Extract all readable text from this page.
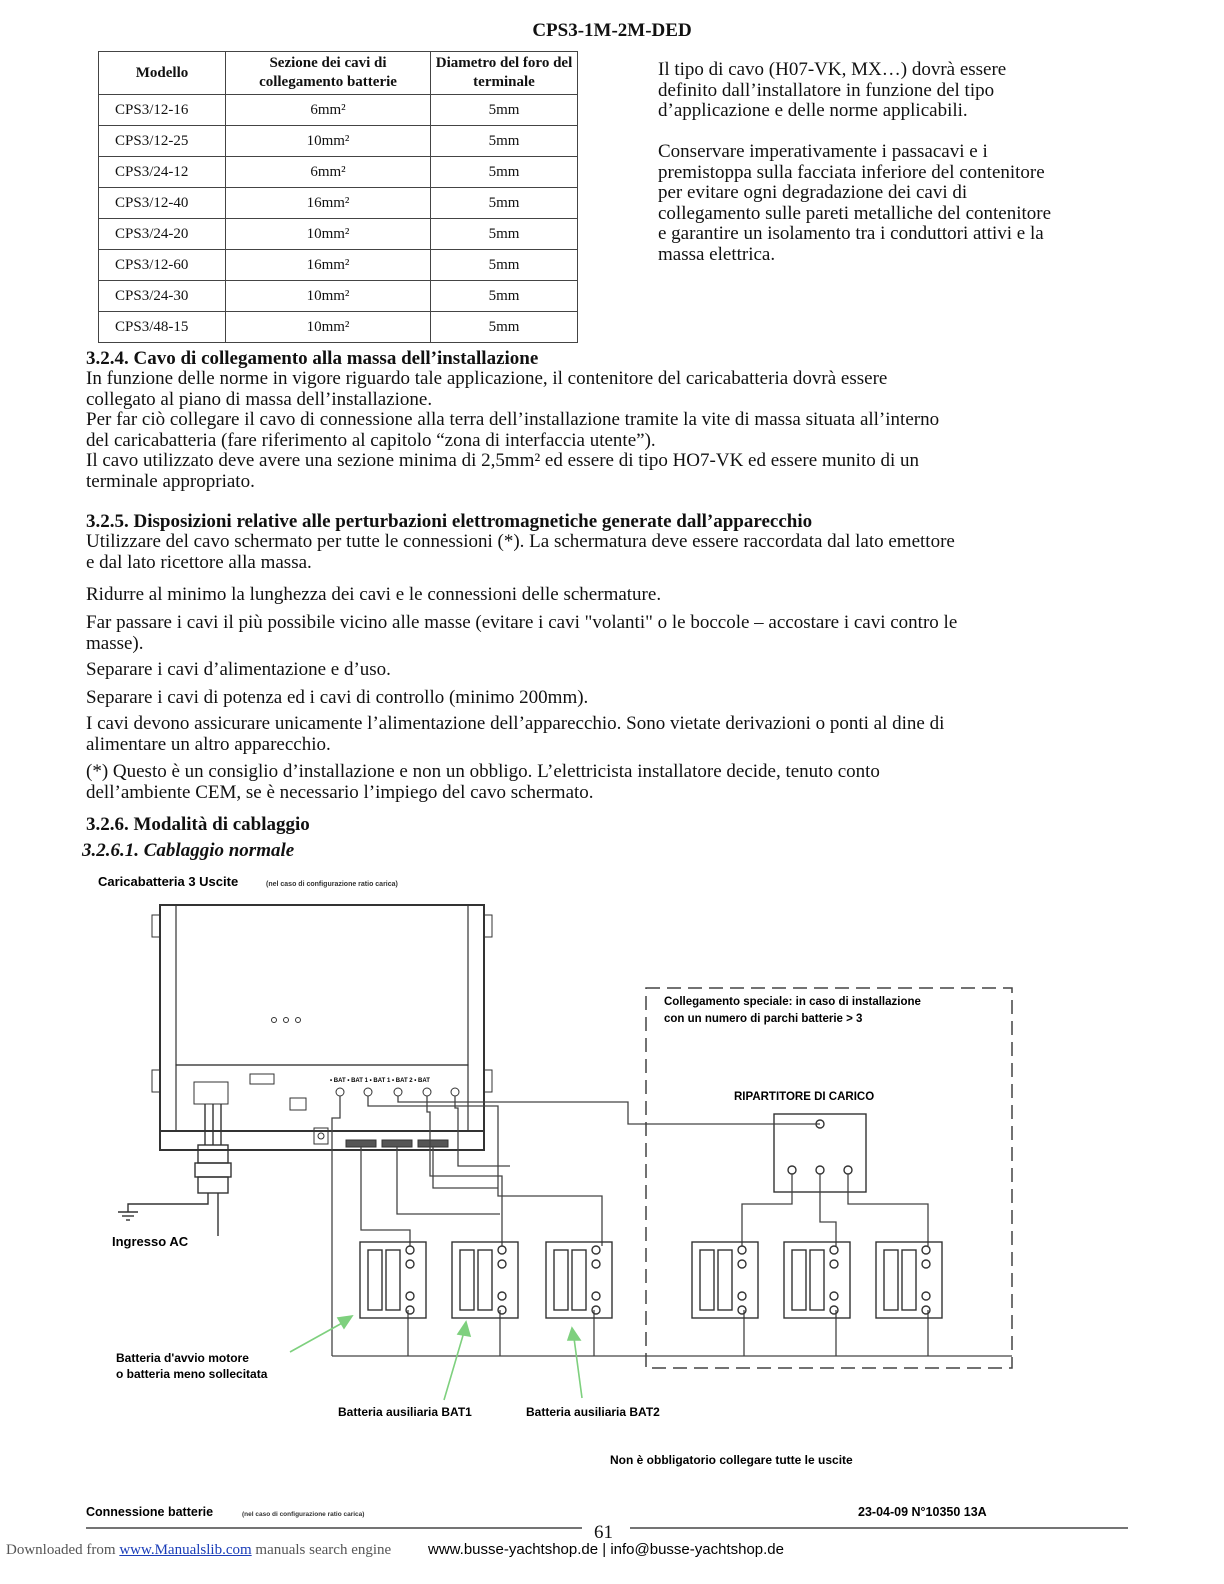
CPS3-1M-2M-DED
Modello	Sezione dei cavi di collegamento batterie	Diametro del foro del terminale
CPS3/12-16	6mm²	5mm
CPS3/12-25	10mm²	5mm
CPS3/24-12	6mm²	5mm
CPS3/12-40	16mm²	5mm
CPS3/24-20	10mm²	5mm
CPS3/12-60	16mm²	5mm
CPS3/24-30	10mm²	5mm
CPS3/48-15	10mm²	5mm
Il tipo di cavo (H07-VK, MX…) dovrà essere
definito dall’installatore in funzione del tipo
d’applicazione e delle norme applicabili.
Conservare imperativamente i passacavi e i
premistoppa sulla facciata inferiore del contenitore
per evitare ogni degradazione dei cavi di
collegamento sulle pareti metalliche del contenitore
e garantire un isolamento tra i conduttori attivi e la
massa elettrica.
3.2.4. Cavo di collegamento alla massa dell’installazione
In funzione delle norme in vigore riguardo tale applicazione, il contenitore del caricabatteria dovrà essere
collegato al piano di massa dell’installazione.
Per far ciò collegare il cavo di connessione alla terra dell’installazione tramite la vite di massa situata all’interno
del caricabatteria (fare riferimento al capitolo “zona di interfaccia utente”).
Il cavo utilizzato deve avere una sezione minima di 2,5mm² ed essere di tipo HO7-VK ed essere munito di un
terminale appropriato.
3.2.5. Disposizioni relative alle perturbazioni elettromagnetiche generate dall’apparecchio
Utilizzare del cavo schermato per tutte le connessioni (*). La schermatura deve essere raccordata dal lato emettore
e dal lato ricettore alla massa.
Ridurre al minimo la lunghezza dei cavi e le connessioni delle schermature.
Far passare i cavi il più possibile vicino alle masse (evitare i cavi "volanti" o le boccole – accostare i cavi contro le
masse).
Separare i cavi d’alimentazione e d’uso.
Separare i cavi di potenza ed i cavi di controllo (minimo 200mm).
I cavi devono assicurare unicamente l’alimentazione dell’apparecchio. Sono vietate derivazioni o ponti al dine di
alimentare un altro apparecchio.
(*) Questo è un consiglio d’installazione e non un obbligo. L’elettricista installatore decide, tenuto conto
dell’ambiente CEM, se è necessario l’impiego del cavo schermato.
3.2.6. Modalità di cablaggio
3.2.6.1. Cablaggio normale
Caricabatteria 3 Uscite	(nel caso di configurazione ratio carica)
• BAT • BAT 1 • BAT 1 • BAT 2 • BAT
Ingresso AC
Collegamento speciale: in caso di installazione
con un numero di parchi batterie > 3
RIPARTITORE DI CARICO
Batteria d'avvio motore
o batteria meno sollecitata
Batteria ausiliaria BAT1	Batteria ausiliaria BAT2
Non è obbligatorio collegare tutte le uscite
Connessione batterie	(nel caso di configurazione ratio carica)	23-04-09 N°10350 13A
61
Downloaded from www.Manualslib.com manuals search engine www.busse-yachtshop.de | info@busse-yachtshop.de
